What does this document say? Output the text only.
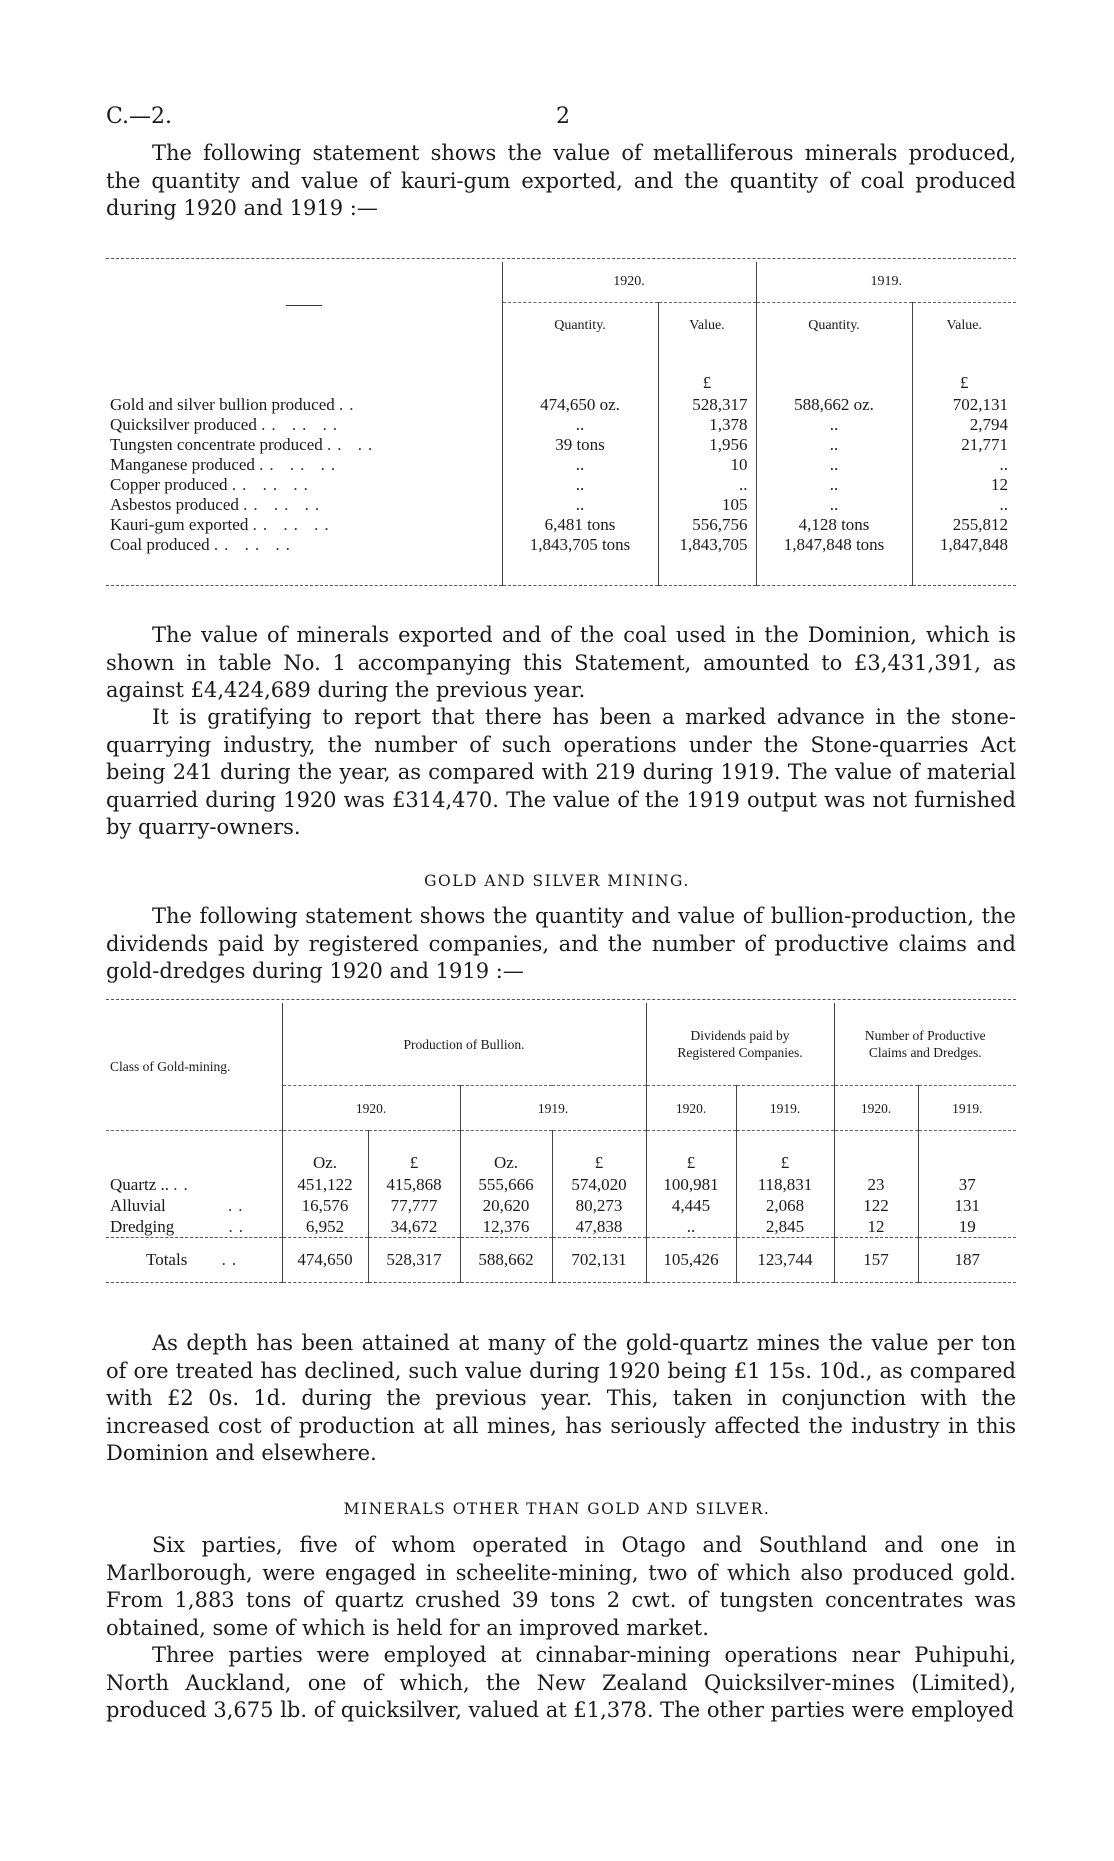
C.—2.	2

The following statement shows the value of metalliferous minerals produced, the quantity and value of kauri-gum exported, and the quantity of coal produced during 1920 and 1919 :—

	1920.		1919.	
	Quantity.	Value.	Quantity.	Value.
		£		£
Gold and silver bullion produced ..	474,650 oz.	528,317	588,662 oz.	702,131
Quicksilver produced .. .. ..	..	1,378	..	2,794
Tungsten concentrate produced .. ..	39 tons	1,956	..	21,771
Manganese produced .. .. ..	..	10	..	..
Copper produced .. .. ..	..	..	..	12
Asbestos produced .. .. ..	..	105	..	..
Kauri-gum exported .. .. ..	6,481 tons	556,756	4,128 tons	255,812
Coal produced .. .. ..	1,843,705 tons	1,843,705	1,847,848 tons	1,847,848

The value of minerals exported and of the coal used in the Dominion, which is shown in table No. 1 accompanying this Statement, amounted to £3,431,391, as against £4,424,689 during the previous year.

It is gratifying to report that there has been a marked advance in the stone-quarrying industry, the number of such operations under the Stone-quarries Act being 241 during the year, as compared with 219 during 1919. The value of material quarried during 1920 was £314,470. The value of the 1919 output was not furnished by quarry-owners.

GOLD AND SILVER MINING.

The following statement shows the quantity and value of bullion-production, the dividends paid by registered companies, and the number of productive claims and gold-dredges during 1920 and 1919 :—

Class of Gold-mining.	Production of Bullion.				Dividends paid by Registered Companies.		Number of Productive Claims and Dredges.	
	1920.		1919.		1920.	1919.	1920.	1919.
	Oz.	£	Oz.	£	£	£		
Quartz .. ..	451,122	415,868	555,666	574,020	100,981	118,831	23	37
Alluvial ..	16,576	77,777	20,620	80,273	4,445	2,068	122	131
Dredging ..	6,952	34,672	12,376	47,838	..	2,845	12	19
Totals ..	474,650	528,317	588,662	702,131	105,426	123,744	157	187

As depth has been attained at many of the gold-quartz mines the value per ton of ore treated has declined, such value during 1920 being £1 15s. 10d., as compared with £2 0s. 1d. during the previous year. This, taken in conjunction with the increased cost of production at all mines, has seriously affected the industry in this Dominion and elsewhere.

MINERALS OTHER THAN GOLD AND SILVER.

Six parties, five of whom operated in Otago and Southland and one in Marlborough, were engaged in scheelite-mining, two of which also produced gold. From 1,883 tons of quartz crushed 39 tons 2 cwt. of tungsten concentrates was obtained, some of which is held for an improved market.

Three parties were employed at cinnabar-mining operations near Puhipuhi, North Auckland, one of which, the New Zealand Quicksilver-mines (Limited), produced 3,675 lb. of quicksilver, valued at £1,378. The other parties were employed
